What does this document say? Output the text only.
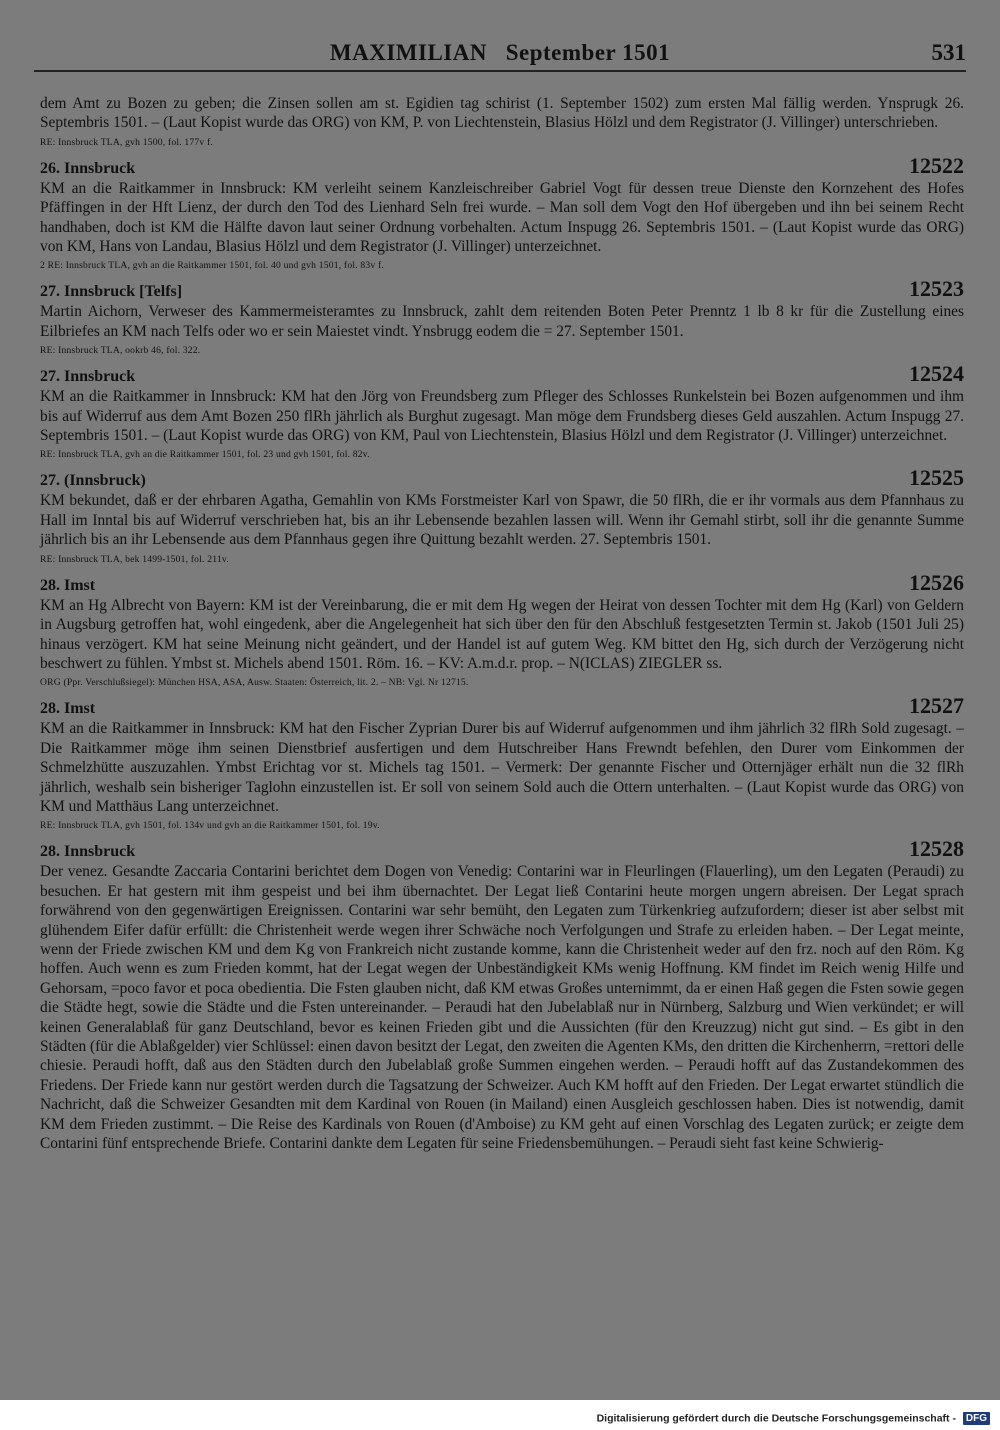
MAXIMILIAN   September 1501	531

dem Amt zu Bozen zu geben; die Zinsen sollen am st. Egidien tag schirist (1. September 1502) zum ersten Mal fällig werden. Ynsprugk 26. Septembris 1501. – (Laut Kopist wurde das ORG) von KM, P. von Liechtenstein, Blasius Hölzl und dem Registrator (J. Villinger) unterschrieben.

RE: Innsbruck TLA, gvh 1500, fol. 177v f.

26. Innsbruck	12522

KM an die Raitkammer in Innsbruck: KM verleiht seinem Kanzleischreiber Gabriel Vogt für dessen treue Dienste den Kornzehent des Hofes Pfäffingen in der Hft Lienz, der durch den Tod des Lienhard Seln frei wurde. – Man soll dem Vogt den Hof übergeben und ihn bei seinem Recht handhaben, doch ist KM die Hälfte davon laut seiner Ordnung vorbehalten. Actum Inspugg 26. Septembris 1501. – (Laut Kopist wurde das ORG) von KM, Hans von Landau, Blasius Hölzl und dem Registrator (J. Villinger) unterzeichnet.

2 RE: Innsbruck TLA, gvh an die Raitkammer 1501, fol. 40 und gvh 1501, fol. 83v f.

27. Innsbruck [Telfs]	12523

Martin Aichorn, Verweser des Kammermeisteramtes zu Innsbruck, zahlt dem reitenden Boten Peter Prenntz 1 lb 8 kr für die Zustellung eines Eilbriefes an KM nach Telfs oder wo er sein Maiestet vindt. Ynsbrugg eodem die = 27. September 1501.

RE: Innsbruck TLA, ookrb 46, fol. 322.

27. Innsbruck	12524

KM an die Raitkammer in Innsbruck: KM hat den Jörg von Freundsberg zum Pfleger des Schlosses Runkelstein bei Bozen aufgenommen und ihm bis auf Widerruf aus dem Amt Bozen 250 flRh jährlich als Burghut zugesagt. Man möge dem Frundsberg dieses Geld auszahlen. Actum Inspugg 27. Septembris 1501. – (Laut Kopist wurde das ORG) von KM, Paul von Liechtenstein, Blasius Hölzl und dem Registrator (J. Villinger) unterzeichnet.

RE: Innsbruck TLA, gvh an die Raitkammer 1501, fol. 23 und gvh 1501, fol. 82v.

27. (Innsbruck)	12525

KM bekundet, daß er der ehrbaren Agatha, Gemahlin von KMs Forstmeister Karl von Spawr, die 50 flRh, die er ihr vormals aus dem Pfannhaus zu Hall im Inntal bis auf Widerruf verschrieben hat, bis an ihr Lebensende bezahlen lassen will. Wenn ihr Gemahl stirbt, soll ihr die genannte Summe jährlich bis an ihr Lebensende aus dem Pfannhaus gegen ihre Quittung bezahlt werden. 27. Septembris 1501.

RE: Innsbruck TLA, bek 1499-1501, fol. 211v.

28. Imst	12526

KM an Hg Albrecht von Bayern: KM ist der Vereinbarung, die er mit dem Hg wegen der Heirat von dessen Tochter mit dem Hg (Karl) von Geldern in Augsburg getroffen hat, wohl eingedenk, aber die Angelegenheit hat sich über den für den Abschluß festgesetzten Termin st. Jakob (1501 Juli 25) hinaus verzögert. KM hat seine Meinung nicht geändert, und der Handel ist auf gutem Weg. KM bittet den Hg, sich durch der Verzögerung nicht beschwert zu fühlen. Ymbst st. Michels abend 1501. Röm. 16. – KV: A.m.d.r. prop. – N(ICLAS) ZIEGLER ss.

ORG (Ppr. Verschlußsiegel): München HSA, ASA, Ausw. Staaten: Österreich, lit. 2. – NB: Vgl. Nr 12715.

28. Imst	12527

KM an die Raitkammer in Innsbruck: KM hat den Fischer Zyprian Durer bis auf Widerruf aufgenommen und ihm jährlich 32 flRh Sold zugesagt. – Die Raitkammer möge ihm seinen Dienstbrief ausfertigen und dem Hutschreiber Hans Frewndt befehlen, den Durer vom Einkommen der Schmelzhütte auszuzahlen. Ymbst Erichtag vor st. Michels tag 1501. – Vermerk: Der genannte Fischer und Otternjäger erhält nun die 32 flRh jährlich, weshalb sein bisheriger Taglohn einzustellen ist. Er soll von seinem Sold auch die Ottern unterhalten. – (Laut Kopist wurde das ORG) von KM und Matthäus Lang unterzeichnet.

RE: Innsbruck TLA, gvh 1501, fol. 134v und gvh an die Raitkammer 1501, fol. 19v.

28. Innsbruck	12528

Der venez. Gesandte Zaccaria Contarini berichtet dem Dogen von Venedig: Contarini war in Fleurlingen (Flauerling), um den Legaten (Peraudi) zu besuchen. Er hat gestern mit ihm gespeist und bei ihm übernachtet. Der Legat ließ Contarini heute morgen ungern abreisen. Der Legat sprach forwährend von den gegenwärtigen Ereignissen. Contarini war sehr bemüht, den Legaten zum Türkenkrieg aufzufordern; dieser ist aber selbst mit glühendem Eifer dafür erfüllt: die Christenheit werde wegen ihrer Schwäche noch Verfolgungen und Strafe zu erleiden haben. – Der Legat meinte, wenn der Friede zwischen KM und dem Kg von Frankreich nicht zustande komme, kann die Christenheit weder auf den frz. noch auf den Röm. Kg hoffen. Auch wenn es zum Frieden kommt, hat der Legat wegen der Unbeständigkeit KMs wenig Hoffnung. KM findet im Reich wenig Hilfe und Gehorsam, =poco favor et poca obedientia. Die Fsten glauben nicht, daß KM etwas Großes unternimmt, da er einen Haß gegen die Fsten sowie gegen die Städte hegt, sowie die Städte und die Fsten untereinander. – Peraudi hat den Jubelablaß nur in Nürnberg, Salzburg und Wien verkündet; er will keinen Generalablaß für ganz Deutschland, bevor es keinen Frieden gibt und die Aussichten (für den Kreuzzug) nicht gut sind. – Es gibt in den Städten (für die Ablaßgelder) vier Schlüssel: einen davon besitzt der Legat, den zweiten die Agenten KMs, den dritten die Kirchenherrn, =rettori delle chiesie. Peraudi hofft, daß aus den Städten durch den Jubelablaß große Summen eingehen werden. – Peraudi hofft auf das Zustandekommen des Friedens. Der Friede kann nur gestört werden durch die Tagsatzung der Schweizer. Auch KM hofft auf den Frieden. Der Legat erwartet stündlich die Nachricht, daß die Schweizer Gesandten mit dem Kardinal von Rouen (in Mailand) einen Ausgleich geschlossen haben. Dies ist notwendig, damit KM dem Frieden zustimmt. – Die Reise des Kardinals von Rouen (d'Amboise) zu KM geht auf einen Vorschlag des Legaten zurück; er zeigte dem Contarini fünf entsprechende Briefe. Contarini dankte dem Legaten für seine Friedensbemühungen. – Peraudi sieht fast keine Schwierig-

Digitalisierung gefördert durch die Deutsche Forschungsgemeinschaft - DFG
